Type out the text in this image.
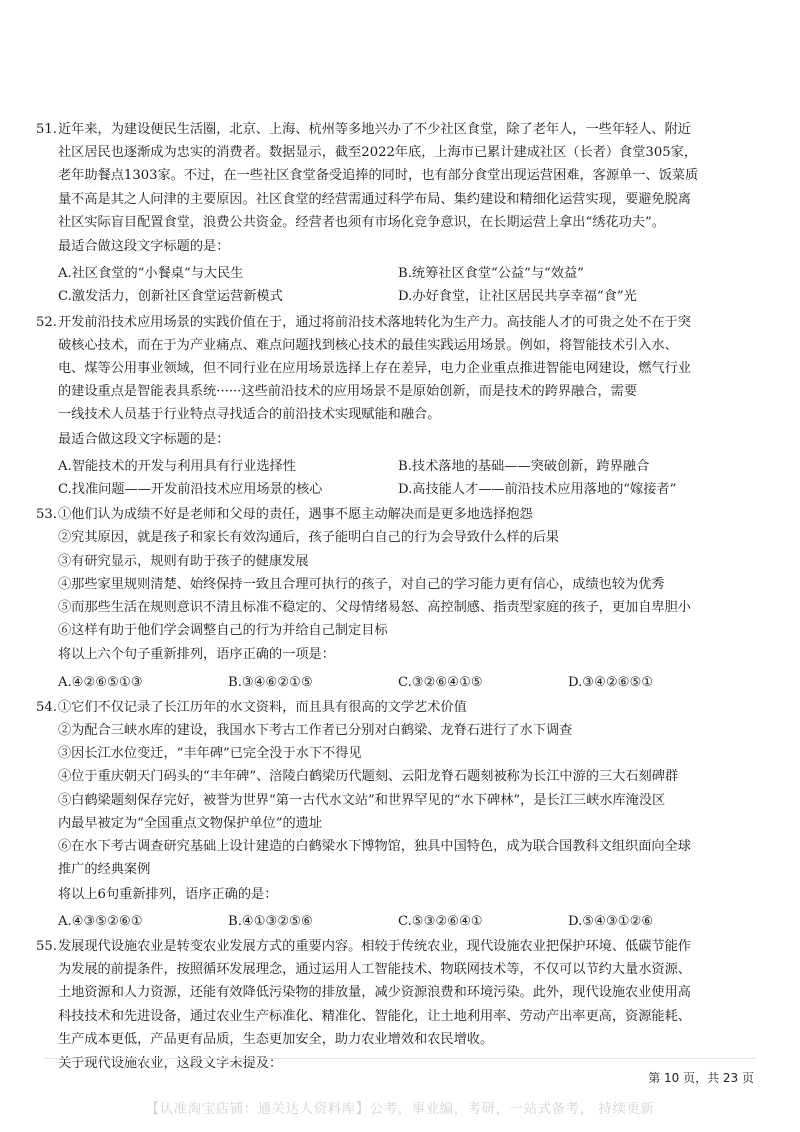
51. 近年来，为建设便民生活圈，北京、上海、杭州等多地兴办了不少社区食堂，除了老年人，一些年轻人、附近
社区居民也逐渐成为忠实的消费者。数据显示，截至2022年底，上海市已累计建成社区（长者）食堂305家，
老年助餐点1303家。不过，在一些社区食堂备受追捧的同时，也有部分食堂出现运营困难，客源单一、饭菜质
量不高是其之人问津的主要原因。社区食堂的经营需通过科学布局、集约建设和精细化运营实现，要避免脱离
社区实际盲目配置食堂，浪费公共资金。经营者也须有市场化竞争意识，在长期运营上拿出“绣花功夫”。
最适合做这段文字标题的是：
A.社区食堂的“小餐桌”与大民生	B.统筹社区食堂“公益”与“效益”
C.激发活力，创新社区食堂运营新模式	D.办好食堂，让社区居民共享幸福“食”光
52. 开发前沿技术应用场景的实践价值在于，通过将前沿技术落地转化为生产力。高技能人才的可贵之处不在于突
破核心技术，而在于为产业痛点、难点问题找到核心技术的最佳实践运用场景。例如，将智能技术引入水、
电、煤等公用事业领域，但不同行业在应用场景选择上存在差异，电力企业重点推进智能电网建设，燃气行业
的建设重点是智能表具系统······这些前沿技术的应用场景不是原始创新，而是技术的跨界融合，需要
一线技术人员基于行业特点寻找适合的前沿技术实现赋能和融合。
最适合做这段文字标题的是：
A.智能技术的开发与利用具有行业选择性	B.技术落地的基础——突破创新，跨界融合
C.找准问题——开发前沿技术应用场景的核心	D.高技能人才——前沿技术应用落地的“嫁接者”
53. ①他们认为成绩不好是老师和父母的责任，遇事不愿主动解决而是更多地选择抱怨
②究其原因，就是孩子和家长有效沟通后，孩子能明白自己的行为会导致什么样的后果
③有研究显示，规则有助于孩子的健康发展
④那些家里规则清楚、始终保持一致且合理可执行的孩子，对自己的学习能力更有信心，成绩也较为优秀
⑤而那些生活在规则意识不清且标准不稳定的、父母情绪易怒、高控制感、指责型家庭的孩子，更加自卑胆小
⑥这样有助于他们学会调整自己的行为并给自己制定目标
将以上六个句子重新排列，语序正确的一项是：
A.④②⑥⑤①③	B.③④⑥②①⑤	C.③②⑥④①⑤	D.③④②⑥⑤①
54. ①它们不仅记录了长江历年的水文资料，而且具有很高的文学艺术价值
②为配合三峡水库的建设，我国水下考古工作者已分别对白鹤梁、龙脊石进行了水下调查
③因长江水位变迁，“丰年碑”已完全没于水下不得见
④位于重庆朝天门码头的“丰年碑”、涪陵白鹤梁历代题刻、云阳龙脊石题刻被称为长江中游的三大石刻碑群
⑤白鹤梁题刻保存完好，被誉为世界“第一古代水文站”和世界罕见的“水下碑林”，是长江三峡水库淹没区
内最早被定为“全国重点文物保护单位”的遗址
⑥在水下考古调查研究基础上设计建造的白鹤梁水下博物馆，独具中国特色，成为联合国教科文组织面向全球
推广的经典案例
将以上6句重新排列，语序正确的是：
A.④③⑤②⑥①	B.④①③②⑤⑥	C.⑤③②⑥④①	D.⑤④③①②⑥
55. 发展现代设施农业是转变农业发展方式的重要内容。相较于传统农业，现代设施农业把保护环境、低碳节能作
为发展的前提条件，按照循环发展理念，通过运用人工智能技术、物联网技术等，不仅可以节约大量水资源、
土地资源和人力资源，还能有效降低污染物的排放量，减少资源浪费和环境污染。此外，现代设施农业使用高
科技技术和先进设备，通过农业生产标准化、精准化、智能化，让土地利用率、劳动产出率更高，资源能耗、
生产成本更低，产品更有品质，生态更加安全，助力农业增效和农民增收。
关于现代设施农业，这段文字未提及：
第 10 页，共 23 页
【认准淘宝店铺：通关达人资料库】公考，事业编，考研，一站式备考， 持续更新
